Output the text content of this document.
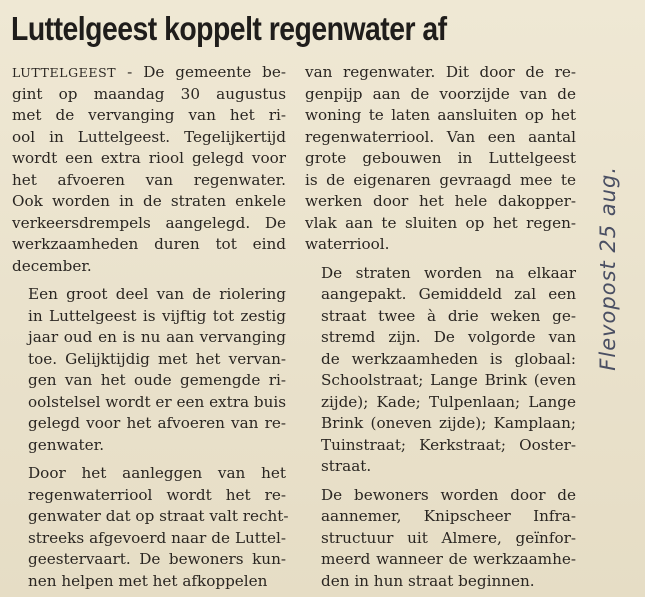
Luttelgeest koppelt regenwater af

LUTTELGEEST - De gemeente be-
gint op maandag 30 augustus
met de vervanging van het ri-
ool in Luttelgeest. Tegelijkertijd
wordt een extra riool gelegd voor
het afvoeren van regenwater.
Ook worden in de straten enkele
verkeersdrempels aangelegd. De
werkzaamheden duren tot eind
december.

Een groot deel van de riolering
in Luttelgeest is vijftig tot zestig
jaar oud en is nu aan vervanging
toe. Gelijktijdig met het vervan-
gen van het oude gemengde ri-
oolstelsel wordt er een extra buis
gelegd voor het afvoeren van re-
genwater.

Door het aanleggen van het
regenwaterriool wordt het re-
genwater dat op straat valt recht-
streeks afgevoerd naar de Luttel-
geestervaart. De bewoners kun-
nen helpen met het afkoppelen

van regenwater. Dit door de re-
genpijp aan de voorzijde van de
woning te laten aansluiten op het
regenwaterriool. Van een aantal
grote gebouwen in Luttelgeest
is de eigenaren gevraagd mee te
werken door het hele dakopper-
vlak aan te sluiten op het regen-
waterriool.

De straten worden na elkaar
aangepakt. Gemiddeld zal een
straat twee à drie weken ge-
stremd zijn. De volgorde van
de werkzaamheden is globaal:
Schoolstraat; Lange Brink (even
zijde); Kade; Tulpenlaan; Lange
Brink (oneven zijde); Kamplaan;
Tuinstraat; Kerkstraat; Ooster-
straat.

De bewoners worden door de
aannemer, Knipscheer Infra-
structuur uit Almere, geïnfor-
meerd wanneer de werkzaamhe-
den in hun straat beginnen.

Flevopost 25 aug.
